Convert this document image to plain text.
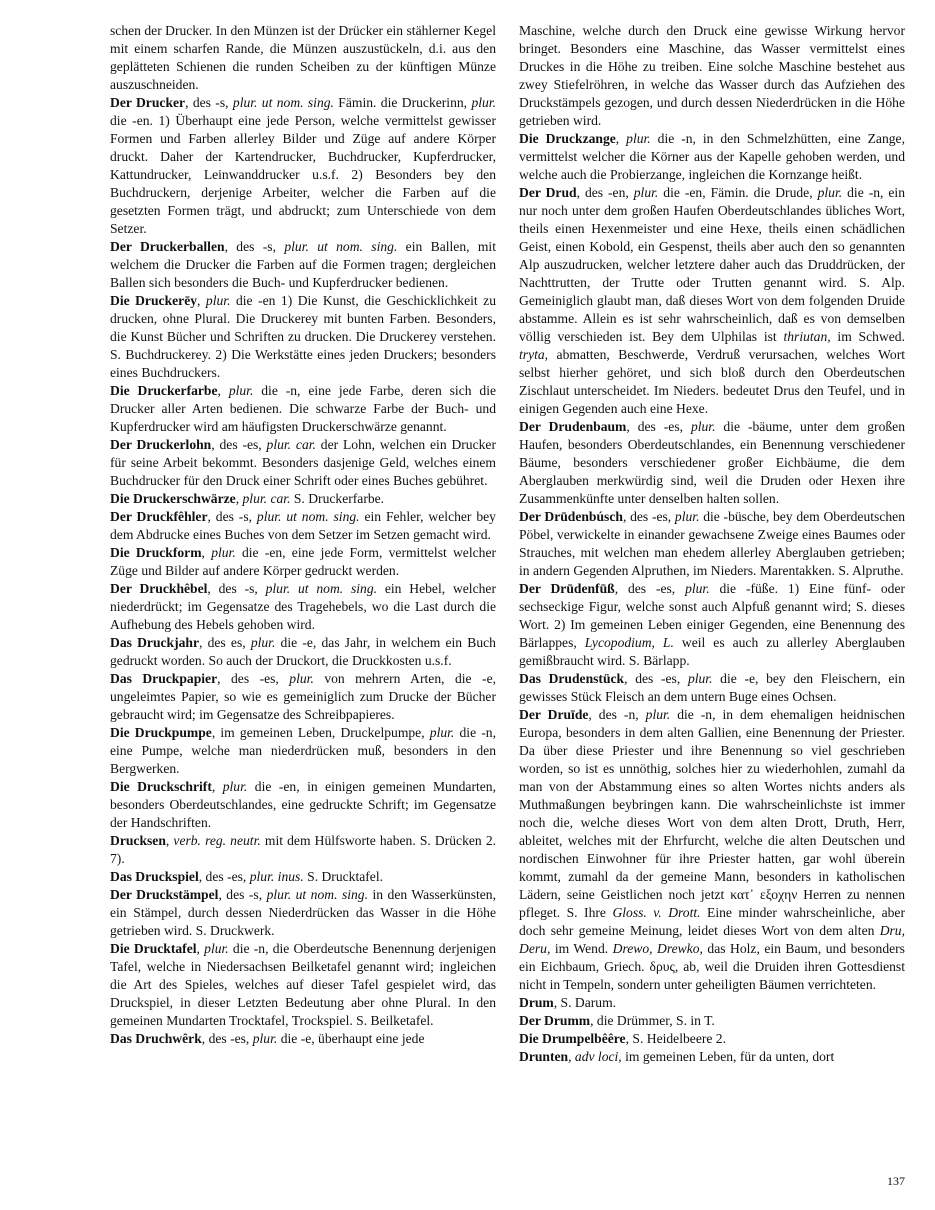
schen der Drucker. In den Münzen ist der Drücker ein stählerner Kegel mit einem scharfen Rande, die Münzen auszustückeln, d.i. aus den geplätteten Schienen die runden Scheiben zu der künftigen Münze auszuschneiden.

Der Drucker, des -s, plur. ut nom. sing. Fämin. die Druckerinn, plur. die -en. 1) Überhaupt eine jede Person, welche vermittelst gewisser Formen und Farben allerley Bilder und Züge auf andere Körper druckt. Daher der Kartendrucker, Buchdrucker, Kupferdrucker, Kattundrucker, Leinwanddrucker u.s.f. 2) Besonders bey den Buchdruckern, derjenige Arbeiter, welcher die Farben auf die gesetzten Formen trägt, und abdruckt; zum Unterschiede von dem Setzer.

Der Druckerballen, des -s, plur. ut nom. sing. ein Ballen, mit welchem die Drucker die Farben auf die Formen tragen; dergleichen Ballen sich besonders die Buch- und Kupferdrucker bedienen.

Die Druckerēy, plur. die -en 1) Die Kunst, die Geschicklichkeit zu drucken, ohne Plural. Die Druckerey mit bunten Farben. Besonders, die Kunst Bücher und Schriften zu drucken. Die Druckerey verstehen. S. Buchdruckerey. 2) Die Werkstätte eines jeden Druckers; besonders eines Buchdruckers.

Die Druckerfarbe, plur. die -n, eine jede Farbe, deren sich die Drucker aller Arten bedienen. Die schwarze Farbe der Buch- und Kupferdrucker wird am häufigsten Druckerschwärze genannt.

Der Druckerlohn, des -es, plur. car. der Lohn, welchen ein Drucker für seine Arbeit bekommt. Besonders dasjenige Geld, welches einem Buchdrucker für den Druck einer Schrift oder eines Buches gebühret.

Die Druckerschwärze, plur. car. S. Druckerfarbe.

Der Druckfêhler, des -s, plur. ut nom. sing. ein Fehler, welcher bey dem Abdrucke eines Buches von dem Setzer im Setzen gemacht wird.

Die Druckform, plur. die -en, eine jede Form, vermittelst welcher Züge und Bilder auf andere Körper gedruckt werden.

Der Druckhêbel, des -s, plur. ut nom. sing. ein Hebel, welcher niederdrückt; im Gegensatze des Tragehebels, wo die Last durch die Aufhebung des Hebels gehoben wird.

Das Druckjahr, des es, plur. die -e, das Jahr, in welchem ein Buch gedruckt worden. So auch der Druckort, die Druckkosten u.s.f.

Das Druckpapier, des -es, plur. von mehrern Arten, die -e, ungeleimtes Papier, so wie es gemeiniglich zum Drucke der Bücher gebraucht wird; im Gegensatze des Schreibpapieres.

Die Druckpumpe, im gemeinen Leben, Druckelpumpe, plur. die -n, eine Pumpe, welche man niederdrücken muß, besonders in den Bergwerken.

Die Druckschrift, plur. die -en, in einigen gemeinen Mundarten, besonders Oberdeutschlandes, eine gedruckte Schrift; im Gegensatze der Handschriften.

Drucksen, verb. reg. neutr. mit dem Hülfsworte haben. S. Drücken 2. 7).

Das Druckspiel, des -es, plur. inus. S. Drucktafel.

Der Druckstämpel, des -s, plur. ut nom. sing. in den Wasserkünsten, ein Stämpel, durch dessen Niederdrücken das Wasser in die Höhe getrieben wird. S. Druckwerk.

Die Drucktafel, plur. die -n, die Oberdeutsche Benennung derjenigen Tafel, welche in Niedersachsen Beilketafel genannt wird; ingleichen die Art des Spieles, welches auf dieser Tafel gespielet wird, das Druckspiel, in dieser Letzten Bedeutung aber ohne Plural. In den gemeinen Mundarten Trocktafel, Trockspiel. S. Beilketafel.

Das Druchwêrk, des -es, plur. die -e, überhaupt eine jede

Maschine, welche durch den Druck eine gewisse Wirkung hervor bringet. Besonders eine Maschine, das Wasser vermittelst eines Druckes in die Höhe zu treiben. Eine solche Maschine bestehet aus zwey Stiefelröhren, in welche das Wasser durch das Aufziehen des Druckstämpels gezogen, und durch dessen Niederdrücken in die Höhe getrieben wird.

Die Druckzange, plur. die -n, in den Schmelzhütten, eine Zange, vermittelst welcher die Körner aus der Kapelle gehoben werden, und welche auch die Probierzange, ingleichen die Kornzange heißt.

Der Drud, des -en, plur. die -en, Fämin. die Drude, plur. die -n, ein nur noch unter dem großen Haufen Oberdeutschlandes übliches Wort, theils einen Hexenmeister und eine Hexe, theils einen schädlichen Geist, einen Kobold, ein Gespenst, theils aber auch den so genannten Alp auszudrucken, welcher letztere daher auch das Druddrücken, der Nachttrutten, der Trutte oder Trutten genannt wird. S. Alp. Gemeiniglich glaubt man, daß dieses Wort von dem folgenden Druide abstamme. Allein es ist sehr wahrscheinlich, daß es von demselben völlig verschieden ist. Bey dem Ulphilas ist thriutan, im Schwed. tryta, abmatten, Beschwerde, Verdruß verursachen, welches Wort selbst hierher gehöret, und sich bloß durch den Oberdeutschen Zischlaut unterscheidet. Im Nieders. bedeutet Drus den Teufel, und in einigen Gegenden auch eine Hexe.

Der Drudenbaum, des -es, plur. die -bäume, unter dem großen Haufen, besonders Oberdeutschlandes, ein Benennung verschiedener Bäume, besonders verschiedener großer Eichbäume, die dem Aberglauben merkwürdig sind, weil die Druden oder Hexen ihre Zusammenkünfte unter denselben halten sollen.

Der Drūdenbúsch, des -es, plur. die -büsche, bey dem Oberdeutschen Pöbel, verwickelte in einander gewachsene Zweige eines Baumes oder Strauches, mit welchen man ehedem allerley Aberglauben getrieben; in andern Gegenden Alpruthen, im Nieders. Marentakken. S. Alpruthe.

Der Drūdenfūß, des -es, plur. die -füße. 1) Eine fünf- oder sechseckige Figur, welche sonst auch Alpfuß genannt wird; S. dieses Wort. 2) Im gemeinen Leben einiger Gegenden, eine Benennung des Bärlappes, Lycopodium, L. weil es auch zu allerley Aberglauben gemißbraucht wird. S. Bärlapp.

Das Drudenstück, des -es, plur. die -e, bey den Fleischern, ein gewisses Stück Fleisch an dem untern Buge eines Ochsen.

Der Druīde, des -n, plur. die -n, in dem ehemaligen heidnischen Europa, besonders in dem alten Gallien, eine Benennung der Priester. Da über diese Priester und ihre Benennung so viel geschrieben worden, so ist es unnöthig, solches hier zu wiederhohlen, zumahl da man von der Abstammung eines so alten Wortes nichts anders als Muthmaßungen beybringen kann. Die wahrscheinlichste ist immer noch die, welche dieses Wort von dem alten Drott, Druth, Herr, ableitet, welches mit der Ehrfurcht, welche die alten Deutschen und nordischen Einwohner für ihre Priester hatten, gar wohl überein kommt, zumahl da der gemeine Mann, besonders in katholischen Lädern, seine Geistlichen noch jetzt κατ᾽ εξοχην Herren zu nennen pfleget. S. Ihre Gloss. v. Drott. Eine minder wahrscheinliche, aber doch sehr gemeine Meinung, leidet dieses Wort von dem alten Dru, Deru, im Wend. Drewo, Drewko, das Holz, ein Baum, und besonders ein Eichbaum, Griech. δρυς, ab, weil die Druiden ihren Gottesdienst nicht in Tempeln, sondern unter geheiligten Bäumen verrichteten.

Drum, S. Darum.

Der Drumm, die Drümmer, S. in T.

Die Drumpelbêêre, S. Heidelbeere 2.

Drunten, adv loci, im gemeinen Leben, für da unten, dort

137
